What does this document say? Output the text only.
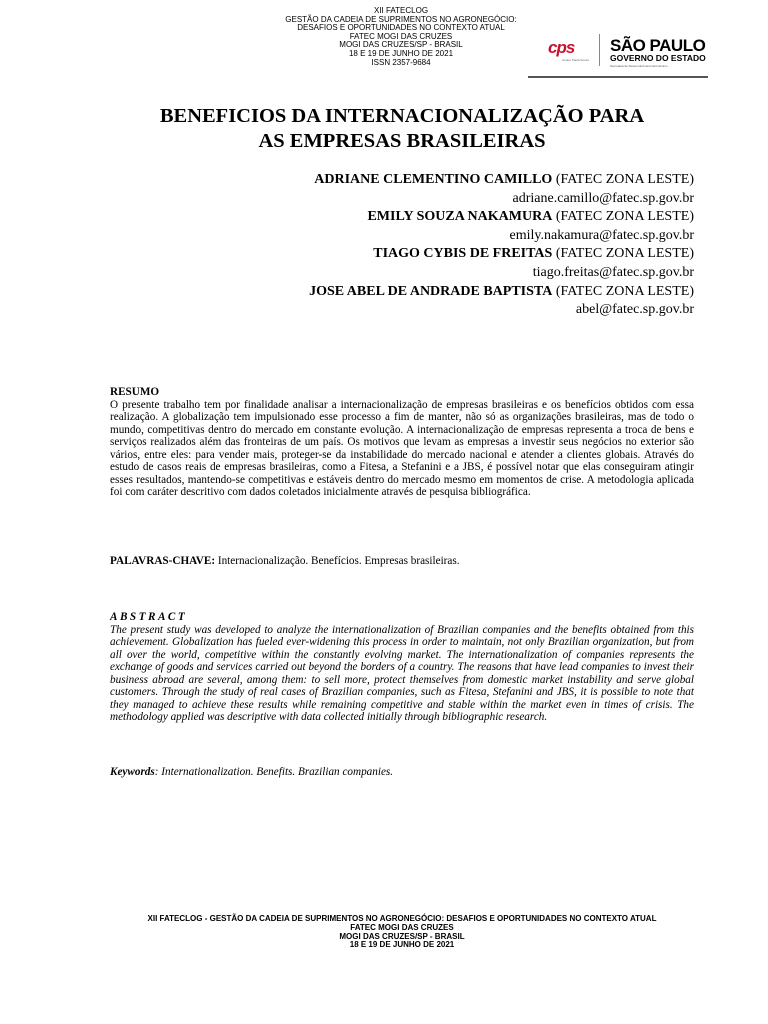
XII FATECLOG
GESTÃO DA CADEIA DE SUPRIMENTOS NO AGRONEGÓCIO:
DESAFIOS E OPORTUNIDADES NO CONTEXTO ATUAL
FATEC MOGI DAS CRUZES
MOGI DAS CRUZES/SP - BRASIL
18 E 19 DE JUNHO DE 2021
ISSN 2357-9684
cps
Centro Paula Souza
SÃO PAULO
GOVERNO DO ESTADO
Secretaria de Desenvolvimento Econômico
BENEFICIOS DA INTERNACIONALIZAÇÃO PARA
AS EMPRESAS BRASILEIRAS
ADRIANE CLEMENTINO CAMILLO (FATEC ZONA LESTE)
adriane.camillo@fatec.sp.gov.br
EMILY SOUZA NAKAMURA (FATEC ZONA LESTE)
emily.nakamura@fatec.sp.gov.br
TIAGO CYBIS DE FREITAS (FATEC ZONA LESTE)
tiago.freitas@fatec.sp.gov.br
JOSE ABEL DE ANDRADE BAPTISTA (FATEC ZONA LESTE)
abel@fatec.sp.gov.br
RESUMO

O presente trabalho tem por finalidade analisar a internacionalização de empresas brasileiras e os benefícios obtidos com essa realização. A globalização tem impulsionado esse processo a fim de manter, não só as organizações brasileiras, mas de todo o mundo, competitivas dentro do mercado em constante evolução. A internacionalização de empresas representa a troca de bens e serviços realizados além das fronteiras de um país. Os motivos que levam as empresas a investir seus negócios no exterior são vários, entre eles: para vender mais, proteger-se da instabilidade do mercado nacional e atender a clientes globais. Através do estudo de casos reais de empresas brasileiras, como a Fitesa, a Stefanini e a JBS, é possível notar que elas conseguiram atingir esses resultados, mantendo-se competitivas e estáveis dentro do mercado mesmo em momentos de crise. A metodologia aplicada foi com caráter descritivo com dados coletados inicialmente através de pesquisa bibliográfica.

PALAVRAS-CHAVE: Internacionalização. Benefícios. Empresas brasileiras.
ABSTRACT

The present study was developed to analyze the internationalization of Brazilian companies and the benefits obtained from this achievement. Globalization has fueled ever-widening this process in order to maintain, not only Brazilian organization, but from all over the world, competitive within the constantly evolving market. The internationalization of companies represents the exchange of goods and services carried out beyond the borders of a country. The reasons that have lead companies to invest their business abroad are several, among them: to sell more, protect themselves from domestic market instability and serve global customers. Through the study of real cases of Brazilian companies, such as Fitesa, Stefanini and JBS, it is possible to note that they managed to achieve these results while remaining competitive and stable within the market even in times of crisis. The methodology applied was descriptive with data collected initially through bibliographic research.

Keywords: Internationalization. Benefits. Brazilian companies.
XII FATECLOG - GESTÃO DA CADEIA DE SUPRIMENTOS NO AGRONEGÓCIO: DESAFIOS E OPORTUNIDADES NO CONTEXTO ATUAL
FATEC MOGI DAS CRUZES
MOGI DAS CRUZES/SP - BRASIL
18 E 19 DE JUNHO DE 2021
